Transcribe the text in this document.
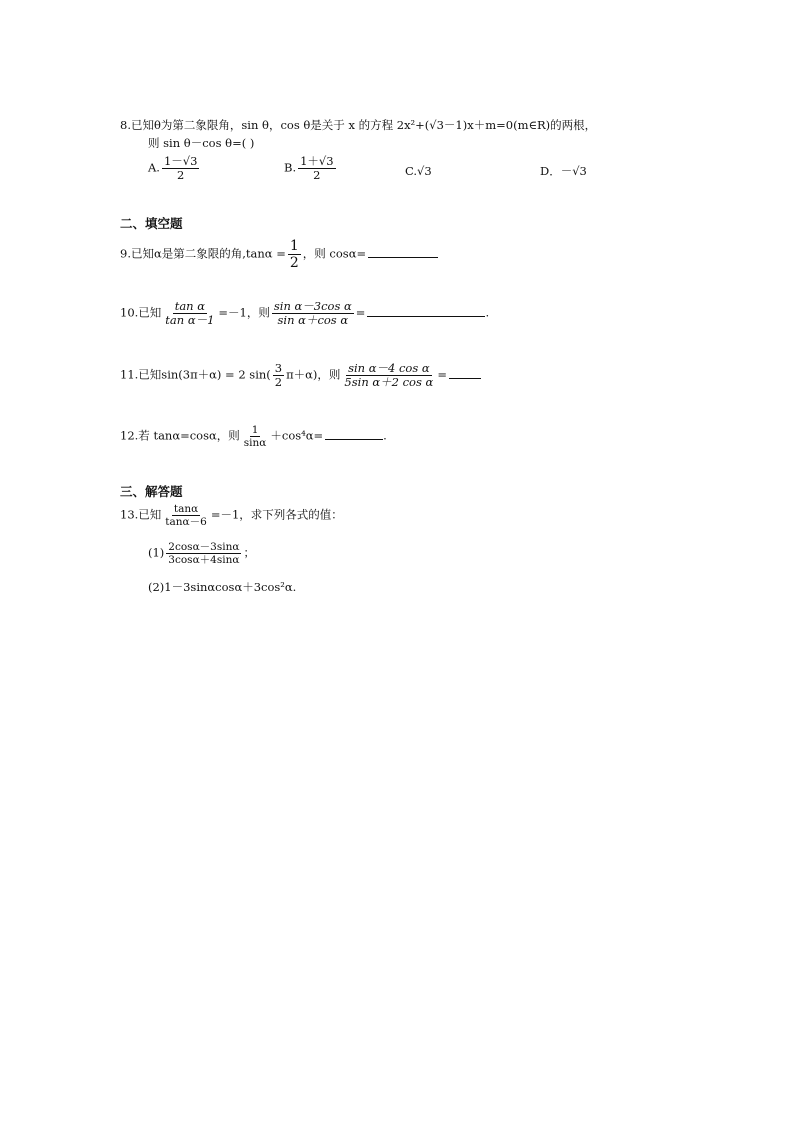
8.已知θ为第二象限角，sin θ，cos θ是关于 x 的方程 2x²+(√3－1)x＋m=0(m∈R)的两根，
则 sin θ－cos θ=( )
A. $\frac{1-√3}{2}$	B. $\frac{1+√3}{2}$	C.√3	D．－√3
二、填空题
9.已知α是第二象限的角$,\tan\alpha = \frac{1}{2}$ ，则 cosα=
10.已知 $\frac{\text{tan α}}{\text{tan α－1}} =-1$，则 $\frac{\text{sin α－3cos α}}{\text{sin α＋cos α}}$ =	.
11.已知sin(3π＋α) = 2 $\sin( \frac{3}{2} \pi+\alpha)$，则 $\frac{\text{sin α－4 cos α}}{\text{5sin α＋2 cos α}}$ =
12.若 tanα=cosα，则 $\frac{1}{\sin\alpha} +\cos^4\alpha=$	.
三、解答题
13.已知 $\frac{\tan\alpha}{\tan\alpha-6} =-1$，求下列各式的值：
$(1) \frac{2\cos\alpha-3\sin\alpha}{3\cos\alpha+4\sin\alpha}$ ；
(2)1－3sinαcosα＋3cos²α.
